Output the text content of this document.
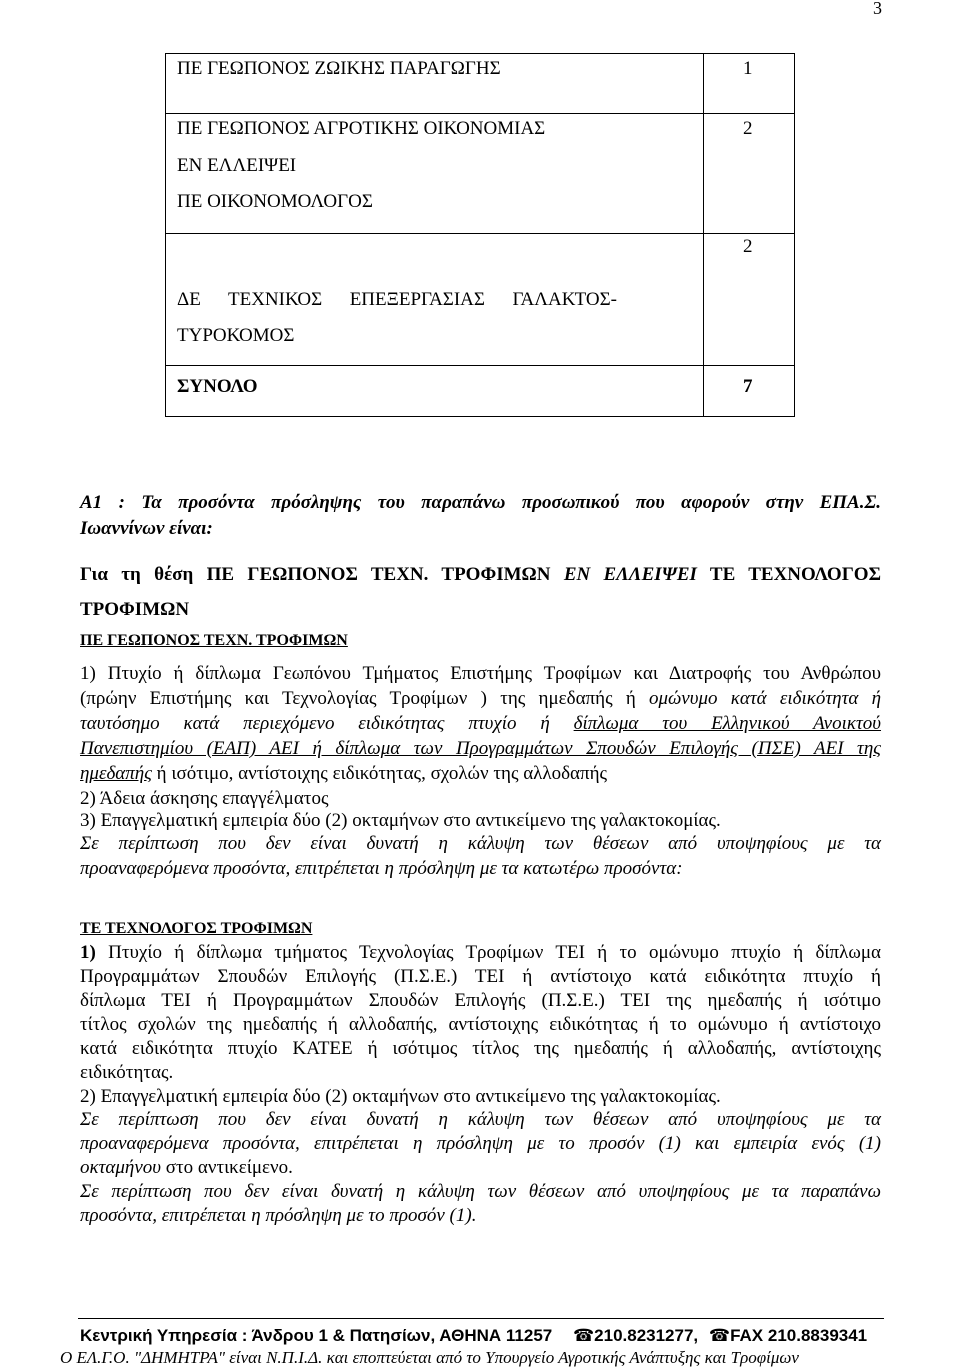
3
ΠΕ ΓΕΩΠΟΝΟΣ ΖΩΙΚΗΣ ΠΑΡΑΓΩΓΗΣ	1

ΠΕ ΓΕΩΠΟΝΟΣ ΑΓΡΟΤΙΚΗΣ ΟΙΚΟΝΟΜΙΑΣ
ΕΝ ΕΛΛΕΙΨΕΙ
ΠΕ ΟΙΚΟΝΟΜΟΛΟΓΟΣ	2

ΔΕ ΤΕΧΝΙΚΟΣ ΕΠΕΞΕΡΓΑΣΙΑΣ ΓΑΛΑΚΤΟΣ-
ΤΥΡΟΚΟΜΟΣ	2

ΣΥΝΟΛΟ	7
Α1 : Τα προσόντα πρόσληψης του παραπάνω προσωπικού που αφορούν στην ΕΠΑ.Σ.
Ιωαννίνων είναι:
Για τη θέση ΠΕ ΓΕΩΠΟΝΟΣ ΤΕΧΝ. ΤΡΟΦΙΜΩΝ ΕΝ ΕΛΛΕΙΨΕΙ ΤΕ ΤΕΧΝΟΛΟΓΟΣ
ΤΡΟΦΙΜΩΝ
ΠΕ ΓΕΩΠΟΝΟΣ ΤΕΧΝ. ΤΡΟΦΙΜΩΝ
1) Πτυχίο ή δίπλωμα Γεωπόνου Τμήματος Επιστήμης Τροφίμων και Διατροφής του Ανθρώπου
(πρώην Επιστήμης και Τεχνολογίας Τροφίμων ) της ημεδαπής ή ομώνυμο κατά ειδικότητα ή
ταυτόσημο κατά περιεχόμενο ειδικότητας πτυχίο ή δίπλωμα του Ελληνικού Ανοικτού
Πανεπιστημίου (ΕΑΠ) ΑΕΙ ή δίπλωμα των Προγραμμάτων Σπουδών Επιλογής (ΠΣΕ) ΑΕΙ της
ημεδαπής ή ισότιμο, αντίστοιχης ειδικότητας, σχολών της αλλοδαπής
2) Άδεια άσκησης επαγγέλματος
3) Επαγγελματική εμπειρία δύο (2) οκταμήνων στο αντικείμενο της γαλακτοκομίας.
Σε περίπτωση που δεν είναι δυνατή η κάλυψη των θέσεων από υποψηφίους με τα
προαναφερόμενα προσόντα, επιτρέπεται η πρόσληψη με τα κατωτέρω προσόντα:
ΤΕ ΤΕΧΝΟΛΟΓΟΣ ΤΡΟΦΙΜΩΝ
1) Πτυχίο ή δίπλωμα τμήματος Τεχνολογίας Τροφίμων ΤΕΙ ή το ομώνυμο πτυχίο ή δίπλωμα
Προγραμμάτων Σπουδών Επιλογής (Π.Σ.Ε.) ΤΕΙ ή αντίστοιχο κατά ειδικότητα πτυχίο ή
δίπλωμα ΤΕΙ ή Προγραμμάτων Σπουδών Επιλογής (Π.Σ.Ε.) ΤΕΙ της ημεδαπής ή ισότιμο
τίτλος σχολών της ημεδαπής ή αλλοδαπής, αντίστοιχης ειδικότητας ή το ομώνυμο ή αντίστοιχο
κατά ειδικότητα πτυχίο ΚΑΤΕΕ ή ισότιμος τίτλος της ημεδαπής ή αλλοδαπής, αντίστοιχης
ειδικότητας.
2) Επαγγελματική εμπειρία δύο (2) οκταμήνων στο αντικείμενο της γαλακτοκομίας.
Σε περίπτωση που δεν είναι δυνατή η κάλυψη των θέσεων από υποψηφίους με τα
προαναφερόμενα προσόντα, επιτρέπεται η πρόσληψη με το προσόν (1) και εμπειρία ενός (1)
οκταμήνου στο αντικείμενο.
Σε περίπτωση που δεν είναι δυνατή η κάλυψη των θέσεων από υποψηφίους με τα παραπάνω
προσόντα, επιτρέπεται η πρόσληψη με το προσόν (1).
Κεντρική Υπηρεσία : Άνδρου 1 & Πατησίων, ΑΘΗΝΑ 11257 ☎210.8231277, ☎FAX 210.8839341
Ο ΕΛ.Γ.Ο. "ΔΗΜΗΤΡΑ" είναι Ν.Π.Ι.Δ. και εποπτεύεται από το Υπουργείο Αγροτικής Ανάπτυξης και Τροφίμων
